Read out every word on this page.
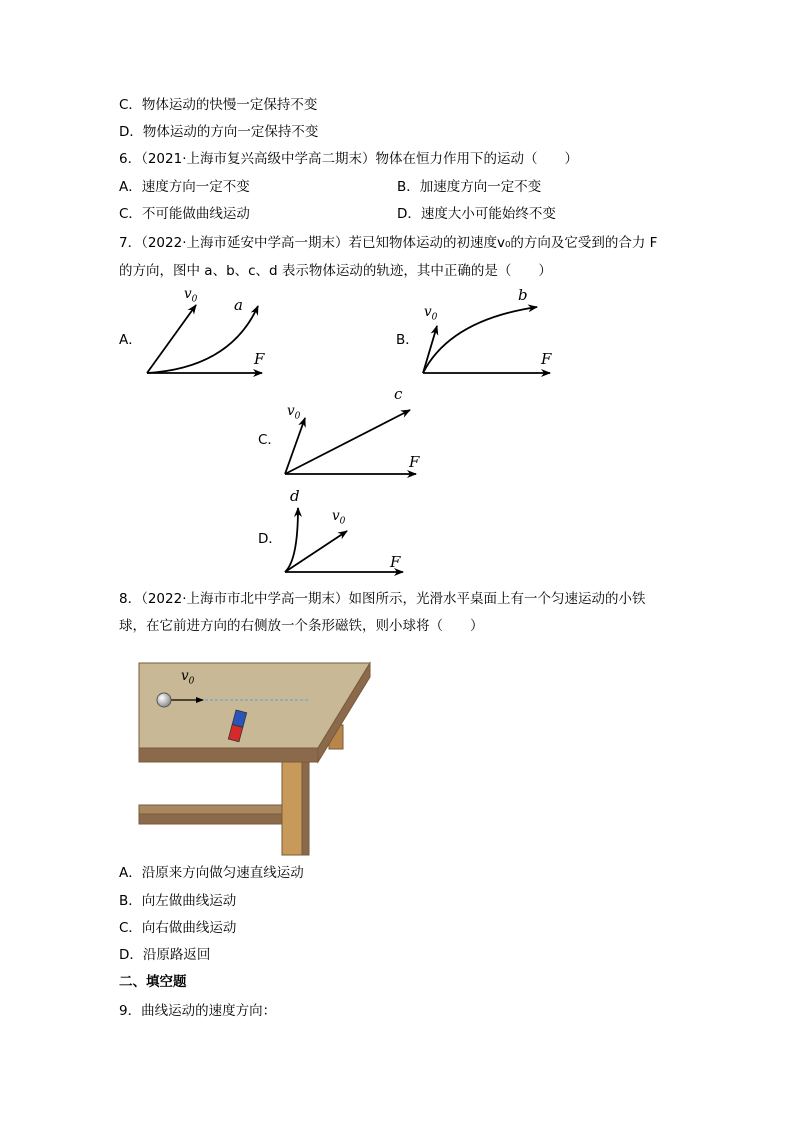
C．物体运动的快慢一定保持不变
D．物体运动的方向一定保持不变
6．（2021·上海市复兴高级中学高二期末）物体在恒力作用下的运动（　　）
A．速度方向一定不变	B．加速度方向一定不变
C．不可能做曲线运动	D．速度大小可能始终不变
7．（2022·上海市延安中学高一期末）若已知物体运动的初速度v₀的方向及它受到的合力 F
的方向，图中 a、b、c、d 表示物体运动的轨迹，其中正确的是（　　）
A．
$v_0$ a
F
B．
$v_0$
b
F
C．
$v_0$
c
F
D．
d
$v_0$
F
8．（2022·上海市市北中学高一期末）如图所示，光滑水平桌面上有一个匀速运动的小铁
球，在它前进方向的右侧放一个条形磁铁，则小球将（　　）
$v_0$
A．沿原来方向做匀速直线运动
B．向左做曲线运动
C．向右做曲线运动
D．沿原路返回
二、填空题
9．曲线运动的速度方向：
